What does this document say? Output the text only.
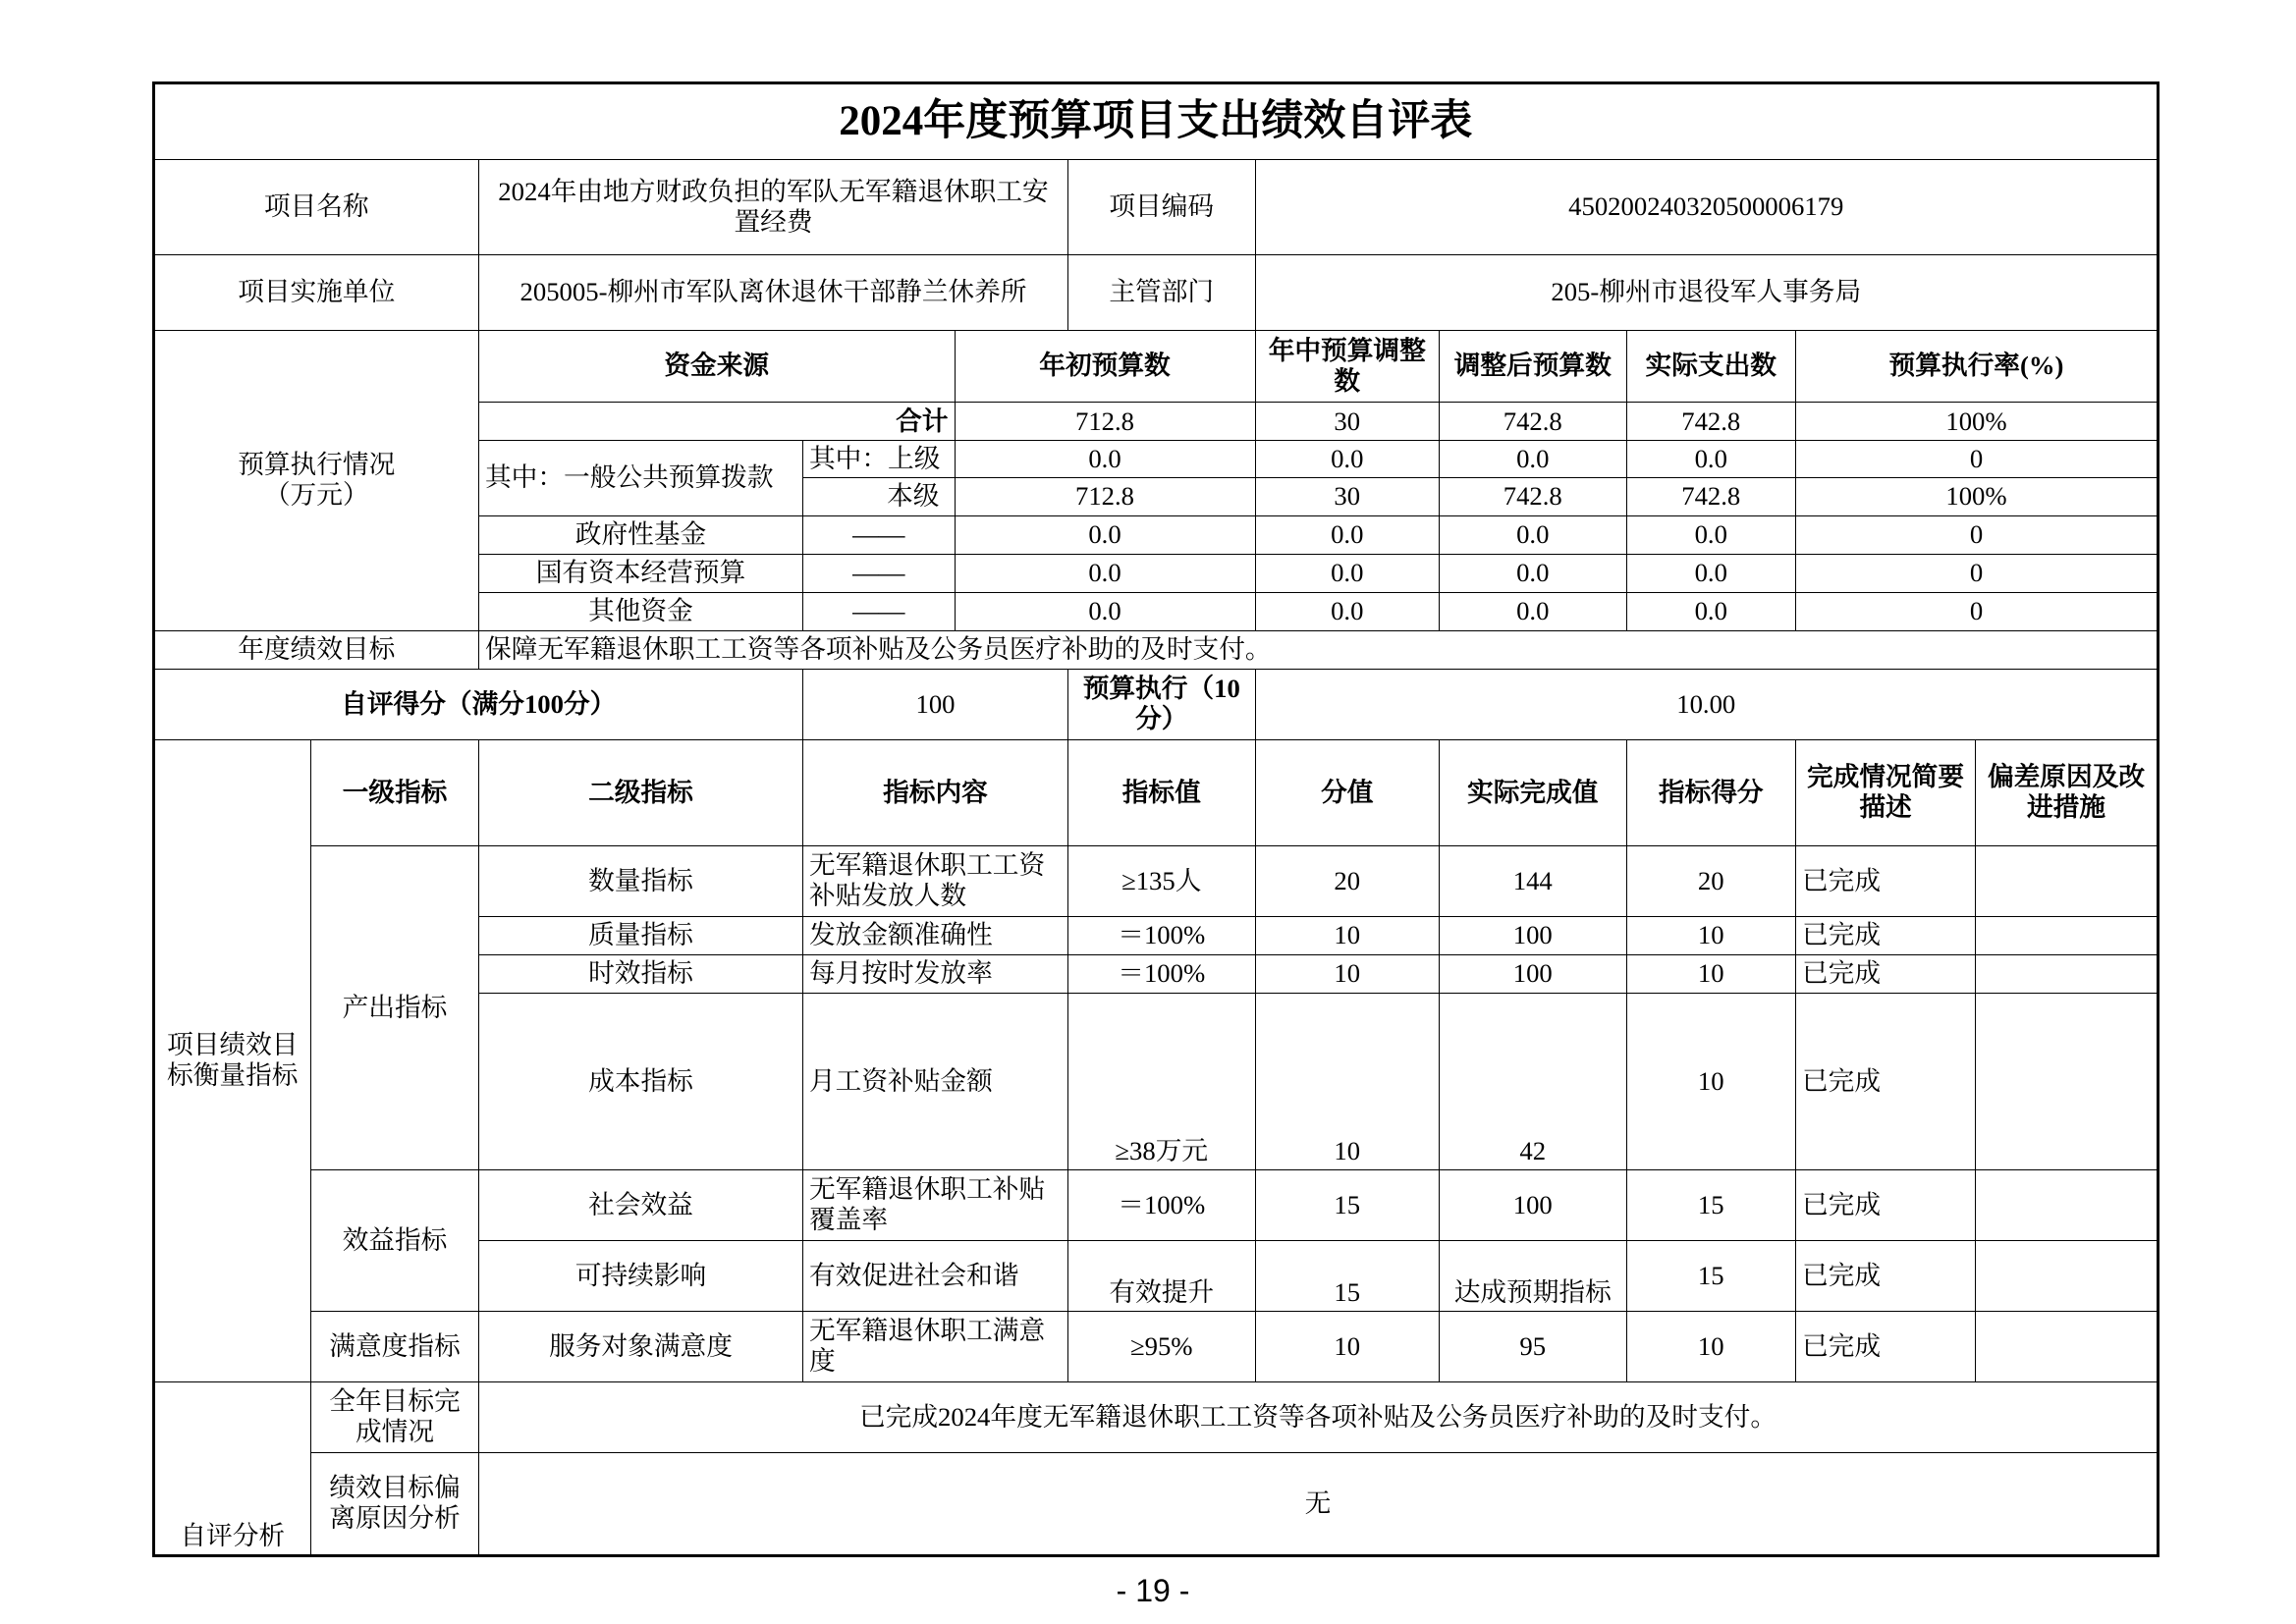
2024年度预算项目支出绩效自评表										
项目名称		2024年由地方财政负担的军队无军籍退休职工安置经费			项目编码	450200240320500006179				
项目实施单位		205005-柳州市军队离休退休干部静兰休养所			主管部门	205-柳州市退役军人事务局				

预算执行情况
（万元）		资金来源		年初预算数		年中预算调整数	调整后预算数	实际支出数	预算执行率(%)	
		合计		712.8		30	742.8	742.8	100%	
		其中：一般公共预算拨款	其中：上级	0.0		0.0	0.0	0.0	0	
			本级	712.8		30	742.8	742.8	100%	
		政府性基金	——	0.0		0.0	0.0	0.0	0	
		国有资本经营预算	——	0.0		0.0	0.0	0.0	0	
		其他资金	——	0.0		0.0	0.0	0.0	0	
年度绩效目标		保障无军籍退休职工工资等各项补贴及公务员医疗补助的及时支付。								
自评得分（满分100分）			100		预算执行（10分）	10.00				
项目绩效目标衡量指标	一级指标	二级指标	指标内容		指标值	分值	实际完成值	指标得分	完成情况简要描述	偏差原因及改进措施
	产出指标	数量指标	无军籍退休职工工资补贴发放人数		≥135人	20	144	20	已完成	
		质量指标	发放金额准确性		＝100%	10	100	10	已完成	
		时效指标	每月按时发放率		＝100%	10	100	10	已完成	
		成本指标	月工资补贴金额		≥38万元	10	42	10	已完成	
	效益指标	社会效益	无军籍退休职工补贴覆盖率		＝100%	15	100	15	已完成	
		可持续影响	有效促进社会和谐		有效提升	15	达成预期指标	15	已完成	
	满意度指标	服务对象满意度	无军籍退休职工满意度		≥95%	10	95	10	已完成	
自评分析	全年目标完成情况	已完成2024年度无军籍退休职工工资等各项补贴及公务员医疗补助的及时支付。								
	绩效目标偏离原因分析	无								
- 19 -
